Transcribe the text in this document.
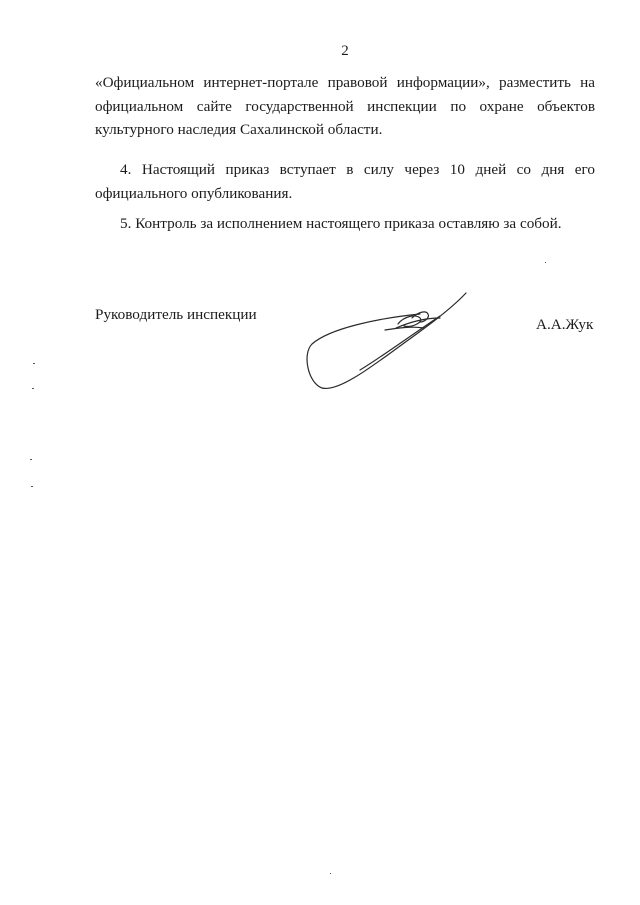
2
«Официальном интернет-портале правовой информации», разместить на
официальном сайте государственной инспекции по охране объектов
культурного наследия Сахалинской области.
4. Настоящий приказ вступает в силу через 10 дней со дня его
официального опубликования.
5. Контроль за исполнением настоящего приказа оставляю за собой.
Руководитель инспекции
А.А.Жук
